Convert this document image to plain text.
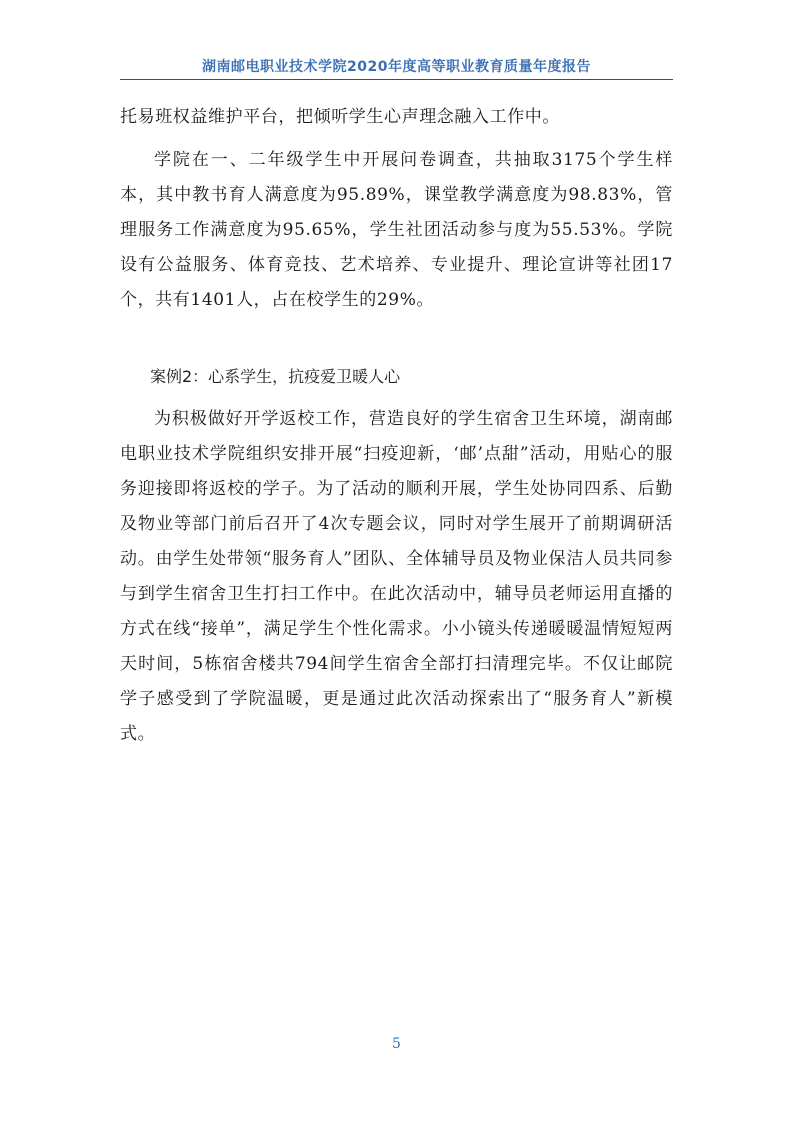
湖南邮电职业技术学院2020年度高等职业教育质量年度报告
托易班权益维护平台，把倾听学生心声理念融入工作中。
学院在一、二年级学生中开展问卷调查，共抽取3175个学生样本，其中教书育人满意度为95.89%，课堂教学满意度为98.83%，管理服务工作满意度为95.65%，学生社团活动参与度为55.53%。学院设有公益服务、体育竞技、艺术培养、专业提升、理论宣讲等社团17个，共有1401人，占在校学生的29%。
案例2：心系学生，抗疫爱卫暖人心
为积极做好开学返校工作，营造良好的学生宿舍卫生环境，湖南邮电职业技术学院组织安排开展“扫疫迎新，‘邮’点甜”活动，用贴心的服务迎接即将返校的学子。为了活动的顺利开展，学生处协同四系、后勤及物业等部门前后召开了4次专题会议，同时对学生展开了前期调研活动。由学生处带领“服务育人”团队、全体辅导员及物业保洁人员共同参与到学生宿舍卫生打扫工作中。在此次活动中，辅导员老师运用直播的方式在线“接单”，满足学生个性化需求。小小镜头传递暖暖温情短短两天时间，5栋宿舍楼共794间学生宿舍全部打扫清理完毕。不仅让邮院学子感受到了学院温暖，更是通过此次活动探索出了“服务育人”新模式。
5
